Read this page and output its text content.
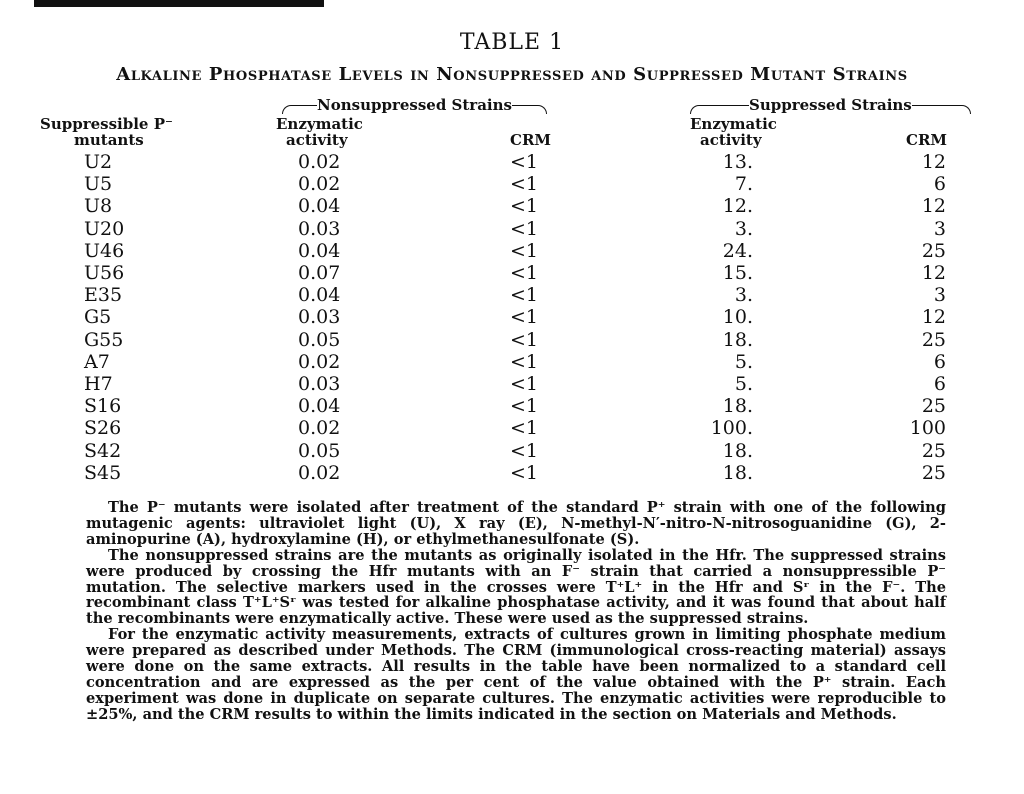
TABLE 1
Alkaline Phosphatase Levels in Nonsuppressed and Suppressed Mutant Strains
Nonsuppressed Strains	Suppressed Strains
Suppressible P⁻
mutants
Enzymatic
activity	CRM
Enzymatic
activity	CRM
U2	0.02	<1	13.	12
U5	0.02	<1	7.	6
U8	0.04	<1	12.	12
U20	0.03	<1	3.	3
U46	0.04	<1	24.	25
U56	0.07	<1	15.	12
E35	0.04	<1	3.	3
G5	0.03	<1	10.	12
G55	0.05	<1	18.	25
A7	0.02	<1	5.	6
H7	0.03	<1	5.	6
S16	0.04	<1	18.	25
S26	0.02	<1	100.	100
S42	0.05	<1	18.	25
S45	0.02	<1	18.	25

The P⁻ mutants were isolated after treatment of the standard P⁺ strain with one of the following mutagenic agents: ultraviolet light (U), X ray (E), N-methyl-N′-nitro-N-nitrosoguanidine (G), 2-aminopurine (A), hydroxylamine (H), or ethylmethanesulfonate (S).

The nonsuppressed strains are the mutants as originally isolated in the Hfr. The suppressed strains were produced by crossing the Hfr mutants with an F⁻ strain that carried a nonsuppressible P⁻ mutation. The selective markers used in the crosses were T⁺L⁺ in the Hfr and Sʳ in the F⁻. The recombinant class T⁺L⁺Sʳ was tested for alkaline phosphatase activity, and it was found that about half the recombinants were enzymatically active. These were used as the suppressed strains.

For the enzymatic activity measurements, extracts of cultures grown in limiting phosphate medium were prepared as described under Methods. The CRM (immunological cross-reacting material) assays were done on the same extracts. All results in the table have been normalized to a standard cell concentration and are expressed as the per cent of the value obtained with the P⁺ strain. Each experiment was done in duplicate on separate cultures. The enzymatic activities were reproducible to ±25%, and the CRM results to within the limits indicated in the section on Materials and Methods.
